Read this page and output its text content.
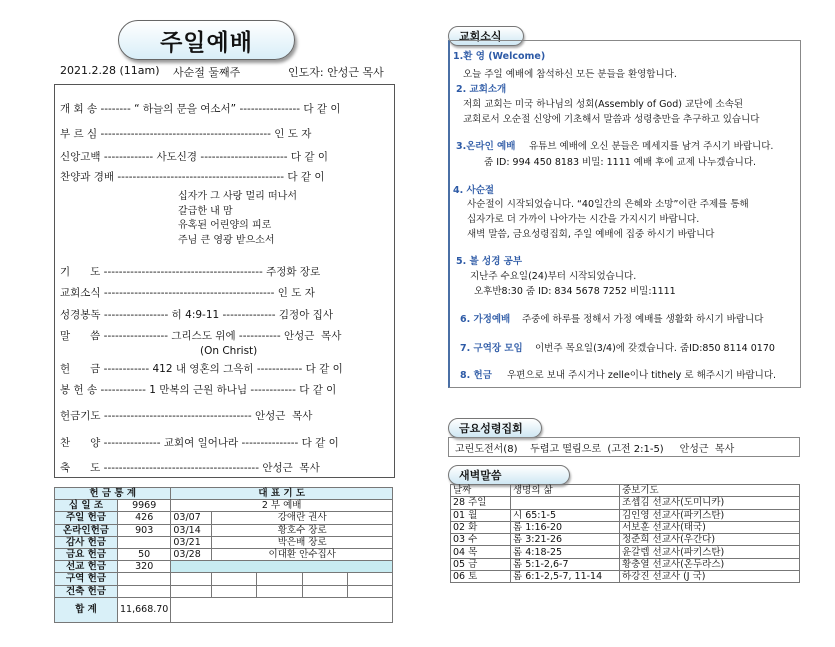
주일예배
2021.2.28 (11am) 사순절 둘째주	인도자: 안성근 목사
개 회 송 -------- “ 하늘의 문을 여소서” ---------------- 다 같 이
부 르 심 --------------------------------------------- 인 도 자
신앙고백 ------------- 사도신경 ----------------------- 다 같 이
찬양과 경배 -------------------------------------------- 다 같 이
십자가 그 사랑 멀리 떠나서
갈급한 내 맘
유혹된 어린양의 피로
주님 큰 영광 받으소서
기      도 ------------------------------------------ 주정화 장로
교회소식 --------------------------------------------- 인 도 자
성경봉독 ----------------- 히 4:9-11 -------------- 김정아 집사
말      씀 ----------------- 그리스도 위에 ----------- 안성근  목사
(On Christ)
헌      금 ------------ 412 내 영혼의 그윽히 ------------ 다 같 이
봉 헌 송 ------------ 1 만복의 근원 하나님 ------------ 다 같 이
헌금기도 --------------------------------------- 안성근  목사
찬      양 --------------- 교회여 일어나라 --------------- 다 같 이
축      도 ----------------------------------------- 안성근  목사
헌 금 통 계		대 표 기 도				
십 일 조	9969	2 부 예배				
주일 헌금	426	03/07	강애란 권사			
온라인헌금	903	03/14	황호수 장로			
감사 헌금		03/21	박은배 장로			
금요 헌금	50	03/28	이대환 안수집사			
선교 헌금	320					
구역 헌금						
건축 헌금						
합 계	11,668.70					
교회소식
1.환 영 (Welcome)
오늘 주일 예배에 참석하신 모든 분들을 환영합니다.
2. 교회소개
저희 교회는 미국 하나님의 성회(Assembly of God) 교단에 소속된
교회로서 오순절 신앙에 기초해서 말씀과 성령충만을 추구하고 있습니다
3.온라인 예배 유튜브 예배에 오신 분들은 메세지를 남겨 주시기 바랍니다.
줌 ID: 994 450 8183 비밀: 1111 예배 후에 교제 나누겠습니다.
4. 사순절
사순절이 시작되었습니다. “40일간의 은혜와 소망”이란 주제를 통해
십자가로 더 가까이 나아가는 시간을 가지시기 바랍니다.
새벽 말씀, 금요성령집회, 주일 예배에 집중 하시기 바랍니다
5. 볼 성경 공부
지난주 수요일(24)부터 시작되었습니다.
오후반8:30 줌 ID: 834 5678 7252 비밀:1111
6. 가정예배 주중에 하루를 정해서 가정 예배를 생활화 하시기 바랍니다
7. 구역장 모임 이번주 목요일(3/4)에 갖겠습니다. 줌ID:850 8114 0170
8. 헌금 우편으로 보내 주시거나 zelle이나 tithely 로 해주시기 바랍니다.
금요성령집회
고린도전서(8)    두렵고 떨림으로  (고전 2:1-5)     안성근  목사
새벽말씀
날짜	생명의 삶	중보기도
28 주일		조셉김 선교사(도미니카)
01 월	시 65:1-5	김인영 선교사(파키스탄)
02 화	롬 1:16-20	서보훈 선교사(태국)
03 수	롬 3:21-26	정준희 선교사(우간다)
04 목	롬 4:18-25	윤갈렙 선교사(파키스탄)
05 금	롬 5:1-2,6-7	황충열 선교사(온두라스)
06 토	롬 6:1-2,5-7, 11-14	하강진 선교사 (J 국)
